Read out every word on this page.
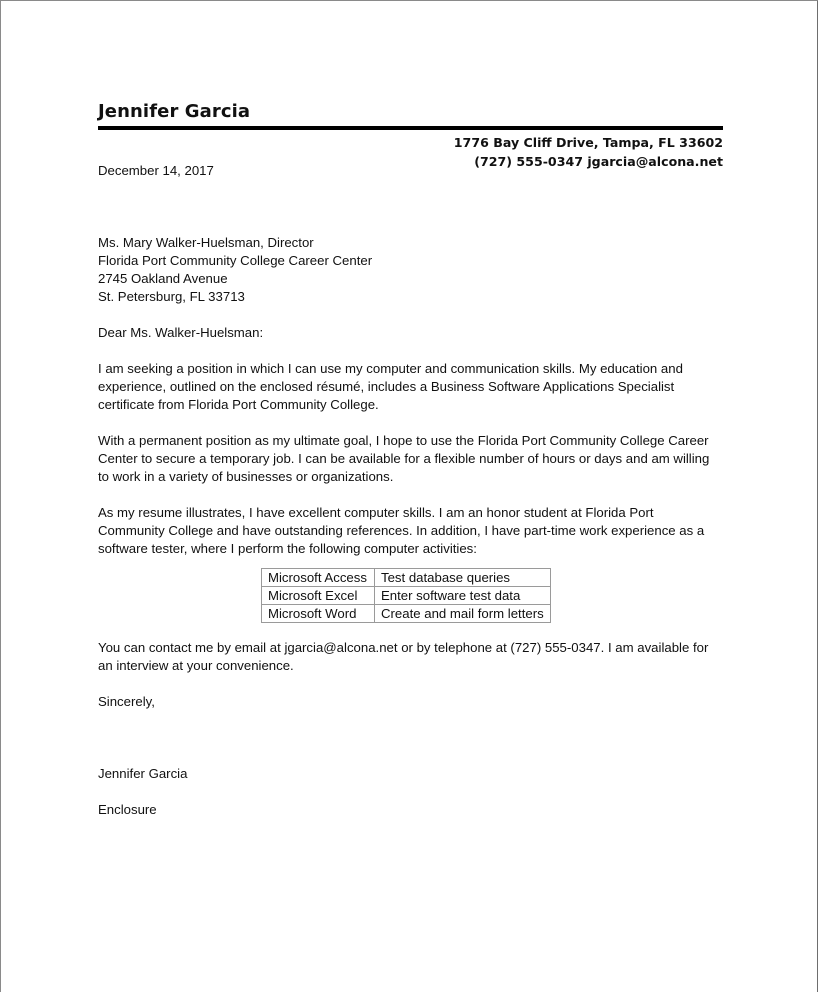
Jennifer Garcia
1776 Bay Cliff Drive, Tampa, FL 33602
(727) 555-0347 jgarcia@alcona.net
December 14, 2017
Ms. Mary Walker-Huelsman, Director
Florida Port Community College Career Center
2745 Oakland Avenue
St. Petersburg, FL 33713
Dear Ms. Walker-Huelsman:
I am seeking a position in which I can use my computer and communication skills. My education and experience, outlined on the enclosed résumé, includes a Business Software Applications Specialist certificate from Florida Port Community College.
With a permanent position as my ultimate goal, I hope to use the Florida Port Community College Career Center to secure a temporary job. I can be available for a flexible number of hours or days and am willing to work in a variety of businesses or organizations.
As my resume illustrates, I have excellent computer skills. I am an honor student at Florida Port Community College and have outstanding references. In addition, I have part-time work experience as a software tester, where I perform the following computer activities:
Microsoft Access	Test database queries
Microsoft Excel	Enter software test data
Microsoft Word	Create and mail form letters
You can contact me by email at jgarcia@alcona.net or by telephone at (727) 555-0347. I am available for an interview at your convenience.
Sincerely,
Jennifer Garcia
Enclosure
